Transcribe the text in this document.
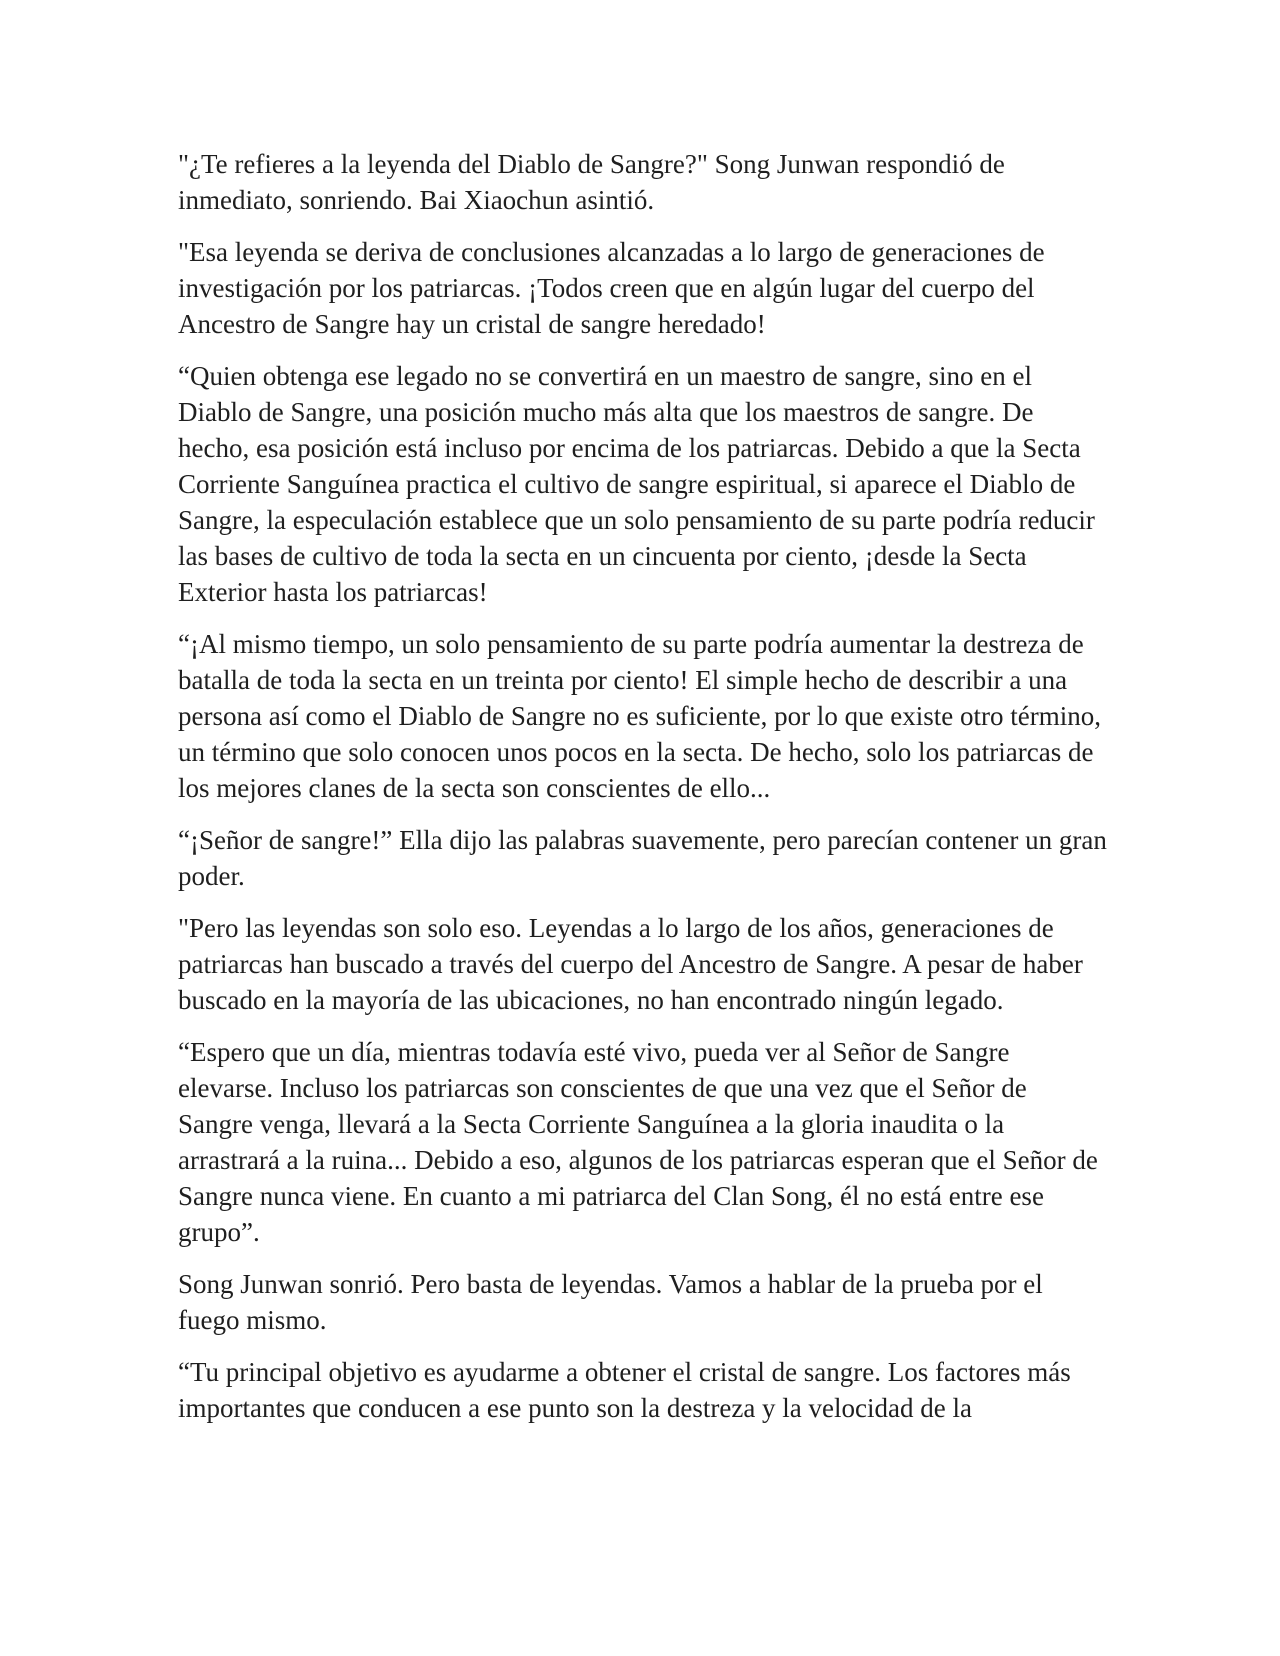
"¿Te refieres a la leyenda del Diablo de Sangre?" Song Junwan respondió de inmediato, sonriendo. Bai Xiaochun asintió.

"Esa leyenda se deriva de conclusiones alcanzadas a lo largo de generaciones de investigación por los patriarcas. ¡Todos creen que en algún lugar del cuerpo del Ancestro de Sangre hay un cristal de sangre heredado!

“Quien obtenga ese legado no se convertirá en un maestro de sangre, sino en el Diablo de Sangre, una posición mucho más alta que los maestros de sangre. De hecho, esa posición está incluso por encima de los patriarcas. Debido a que la Secta Corriente Sanguínea practica el cultivo de sangre espiritual, si aparece el Diablo de Sangre, la especulación establece que un solo pensamiento de su parte podría reducir las bases de cultivo de toda la secta en un cincuenta por ciento, ¡desde la Secta Exterior hasta los patriarcas!

“¡Al mismo tiempo, un solo pensamiento de su parte podría aumentar la destreza de batalla de toda la secta en un treinta por ciento! El simple hecho de describir a una persona así como el Diablo de Sangre no es suficiente, por lo que existe otro término, un término que solo conocen unos pocos en la secta. De hecho, solo los patriarcas de los mejores clanes de la secta son conscientes de ello...

“¡Señor de sangre!” Ella dijo las palabras suavemente, pero parecían contener un gran poder.

"Pero las leyendas son solo eso. Leyendas a lo largo de los años, generaciones de patriarcas han buscado a través del cuerpo del Ancestro de Sangre. A pesar de haber buscado en la mayoría de las ubicaciones, no han encontrado ningún legado.

“Espero que un día, mientras todavía esté vivo, pueda ver al Señor de Sangre elevarse. Incluso los patriarcas son conscientes de que una vez que el Señor de Sangre venga, llevará a la Secta Corriente Sanguínea a la gloria inaudita o la arrastrará a la ruina... Debido a eso, algunos de los patriarcas esperan que el Señor de Sangre nunca viene. En cuanto a mi patriarca del Clan Song, él no está entre ese grupo”.

Song Junwan sonrió. Pero basta de leyendas. Vamos a hablar de la prueba por el fuego mismo.

“Tu principal objetivo es ayudarme a obtener el cristal de sangre. Los factores más importantes que conducen a ese punto son la destreza y la velocidad de la
